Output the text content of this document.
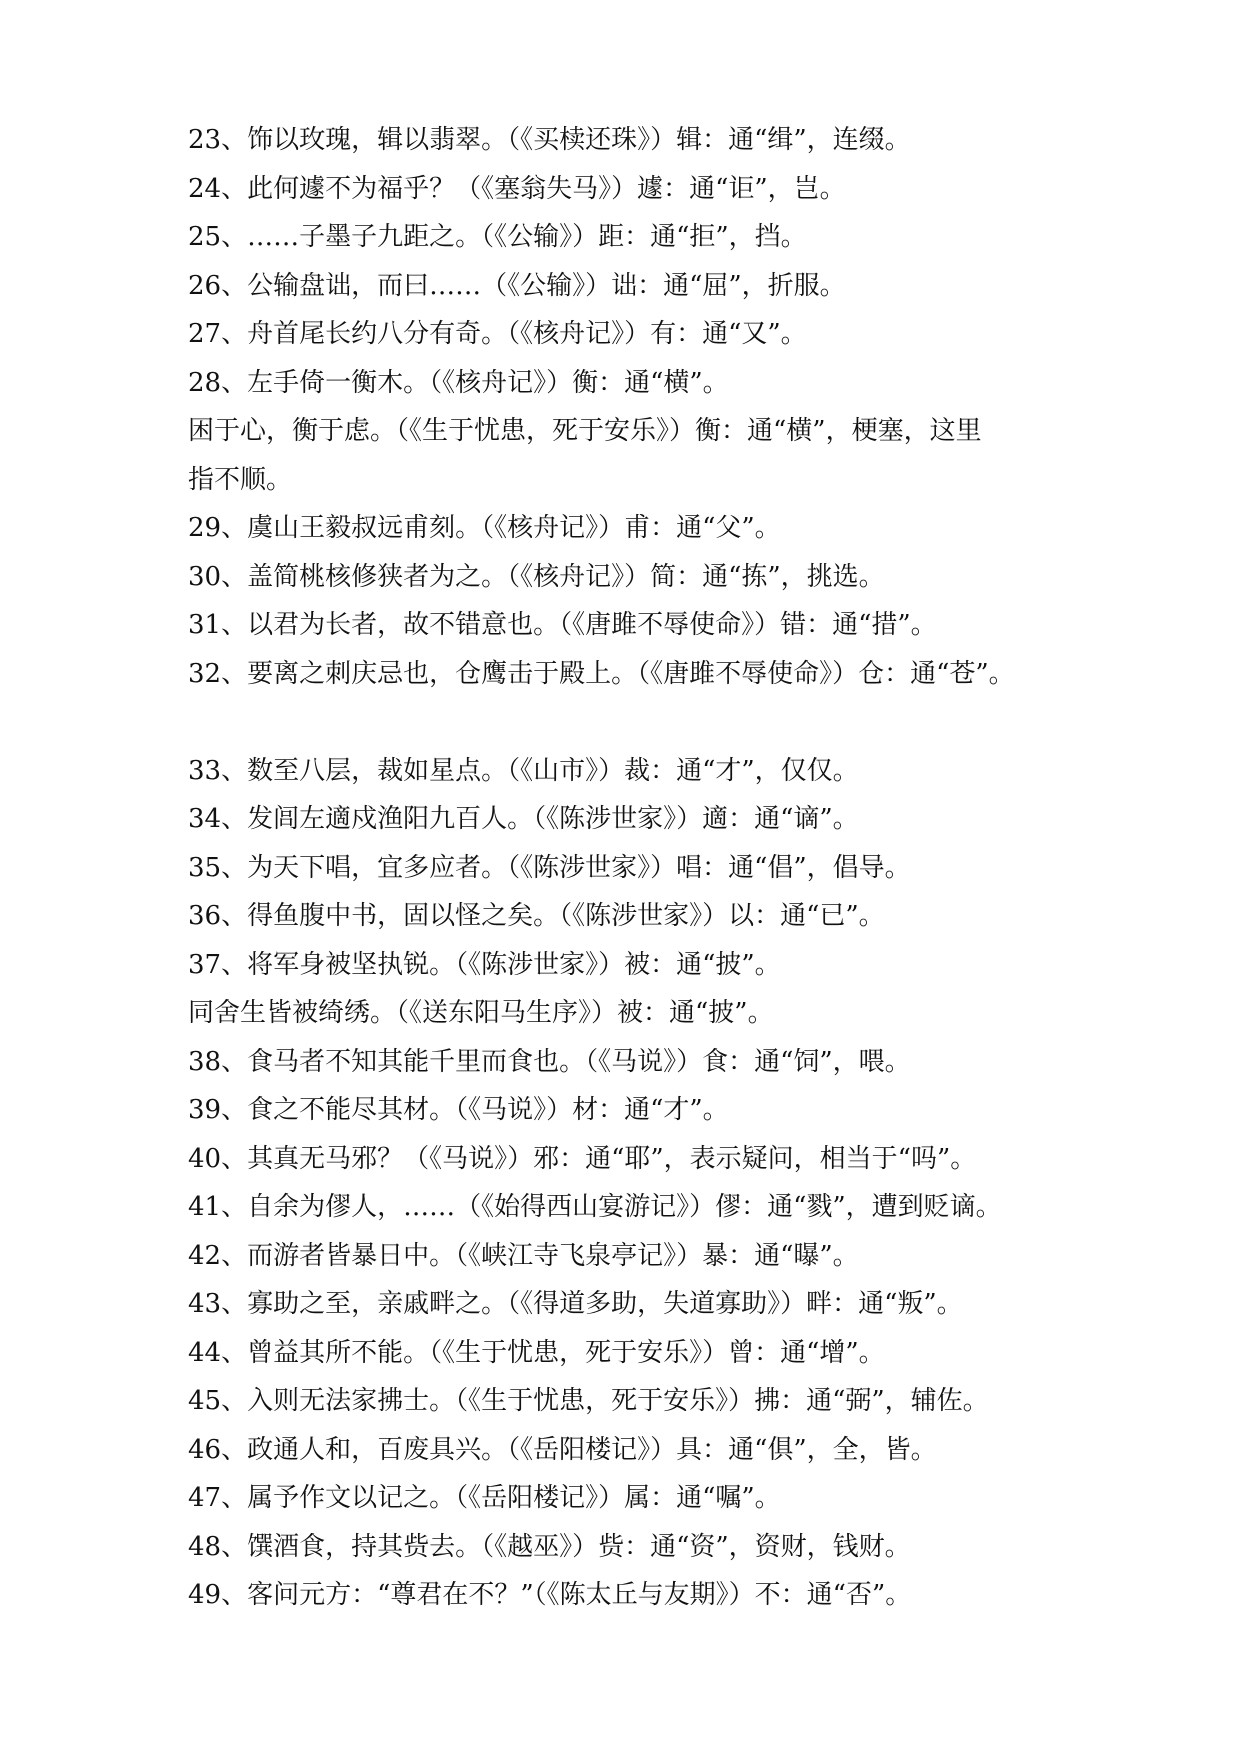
23、饰以玫瑰，辑以翡翠。（《买椟还珠》）辑：通“缉”，连缀。
24、此何遽不为福乎？（《塞翁失马》）遽：通“讵”，岂。
25、……子墨子九距之。（《公输》）距：通“拒”，挡。
26、公输盘诎，而曰……（《公输》）诎：通“屈”，折服。
27、舟首尾长约八分有奇。（《核舟记》）有：通“又”。
28、左手倚一衡木。（《核舟记》）衡：通“横”。
困于心，衡于虑。（《生于忧患，死于安乐》）衡：通“横”，梗塞，这里
指不顺。
29、虞山王毅叔远甫刻。（《核舟记》）甫：通“父”。
30、盖简桃核修狭者为之。（《核舟记》）简：通“拣”，挑选。
31、以君为长者，故不错意也。（《唐雎不辱使命》）错：通“措”。
32、要离之刺庆忌也，仓鹰击于殿上。（《唐雎不辱使命》）仓：通“苍”。
33、数至八层，裁如星点。（《山市》）裁：通“才”，仅仅。
34、发闾左適戍渔阳九百人。（《陈涉世家》）適：通“谪”。
35、为天下唱，宜多应者。（《陈涉世家》）唱：通“倡”，倡导。
36、得鱼腹中书，固以怪之矣。（《陈涉世家》）以：通“已”。
37、将军身被坚执锐。（《陈涉世家》）被：通“披”。
同舍生皆被绮绣。（《送东阳马生序》）被：通“披”。
38、食马者不知其能千里而食也。（《马说》）食：通“饲”，喂。
39、食之不能尽其材。（《马说》）材：通“才”。
40、其真无马邪？（《马说》）邪：通“耶”，表示疑问，相当于“吗”。
41、自余为僇人，……（《始得西山宴游记》）僇：通“戮”，遭到贬谪。
42、而游者皆暴日中。（《峡江寺飞泉亭记》）暴：通“曝”。
43、寡助之至，亲戚畔之。（《得道多助，失道寡助》）畔：通“叛”。
44、曾益其所不能。（《生于忧患，死于安乐》）曾：通“增”。
45、入则无法家拂士。（《生于忧患，死于安乐》）拂：通“弼”，辅佐。
46、政通人和，百废具兴。（《岳阳楼记》）具：通“俱”，全，皆。
47、属予作文以记之。（《岳阳楼记》）属：通“嘱”。
48、馔酒食，持其赀去。（《越巫》）赀：通“资”，资财，钱财。
49、客问元方：“尊君在不？”（《陈太丘与友期》）不：通“否”。
